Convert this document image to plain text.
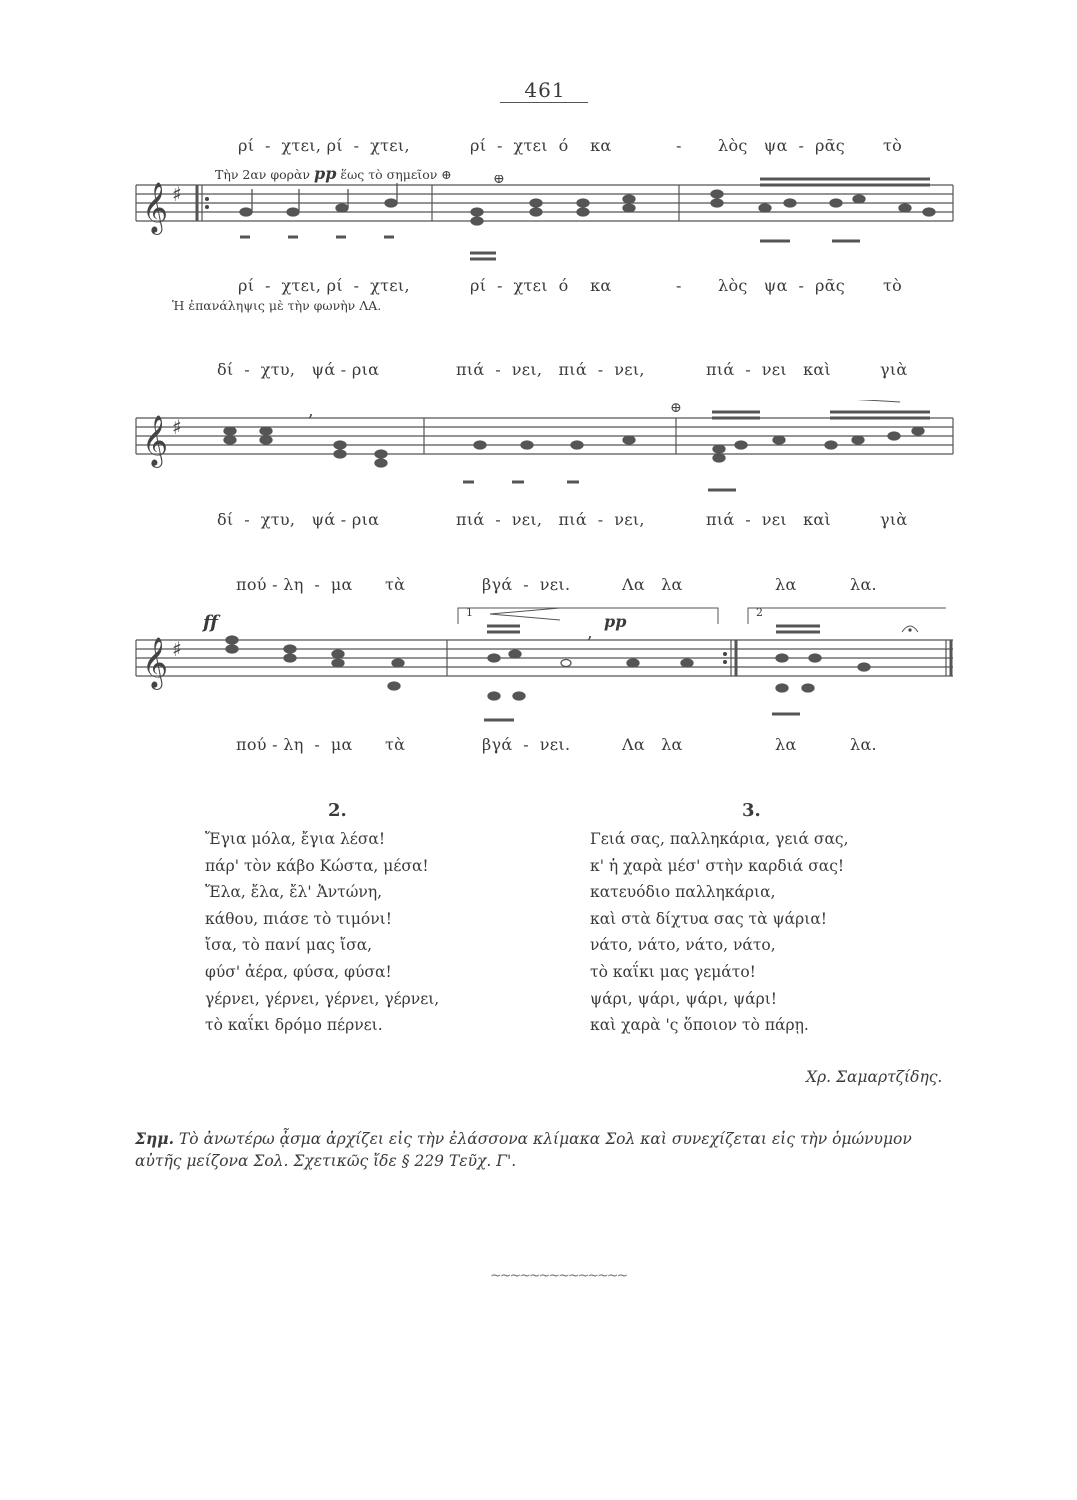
461
ρί  -  χτει, ρί  -  χτει,	ρί  -  χτει  ό    κα	- λὸς   ψα  -  ρᾶς τὸ
Τὴν 2αν φορὰν pp ἕως τὸ σημεῖον ⊕
𝄞 ♯
⊕
ρί  -  χτει, ρί  -  χτει,	ρί  -  χτει  ό    κα	- λὸς   ψα  -  ρᾶς τὸ
Ἡ ἐπανάληψις μὲ τὴν φωνὴν ΛΑ.
δί  -  χτυ,   ψά - ρια	πιά  -  νει,   πιά  -  νει,	πιά  -  νει   καὶ	γιὰ
𝄞 ♯
,	⊕
δί  -  χτυ,   ψά - ρια	πιά  -  νει,   πιά  -  νει,	πιά  -  νει   καὶ	γιὰ
πού - λη  -  μα τὰ	βγά  -  νει.	Λα   λα	λα	λα.
ff	pp
1	2
𝄞 ♯
,
πού - λη  -  μα τὰ	βγά  -  νει.	Λα   λα	λα	λα.
2.
Ἔγια μόλα, ἔγια λέσα!
πάρ' τὸν κάβο Κώστα, μέσα!
Ἔλα, ἔλα, ἔλ' Ἀντώνη,
κάθου, πιάσε τὸ τιμόνι!
ἴσα, τὸ πανί μας ἴσα,
φύσ' ἀέρα, φύσα, φύσα!
γέρνει, γέρνει, γέρνει, γέρνει,
τὸ καΐκι δρόμο πέρνει.
3.
Γειά σας, παλληκάρια, γειά σας,
κ' ἡ χαρὰ μέσ' στὴν καρδιά σας!
κατευόδιο παλληκάρια,
καὶ στὰ δίχτυα σας τὰ ψάρια!
νάτο, νάτο, νάτο, νάτο,
τὸ καΐκι μας γεμάτο!
ψάρι, ψάρι, ψάρι, ψάρι!
καὶ χαρὰ 'ς ὅποιον τὸ πάρῃ.
Χρ. Σαμαρτζίδης.
Σημ. Τὸ ἀνωτέρω ᾆσμα ἀρχίζει εἰς τὴν ἐλάσσονα κλίμακα Σολ καὶ συνεχίζεται εἰς τὴν ὁμώνυμον αὐτῆς μείζονα Σολ. Σχετικῶς ἴδε § 229 Τεῦχ. Γ'.
~~~~~~~~~~~~~~
